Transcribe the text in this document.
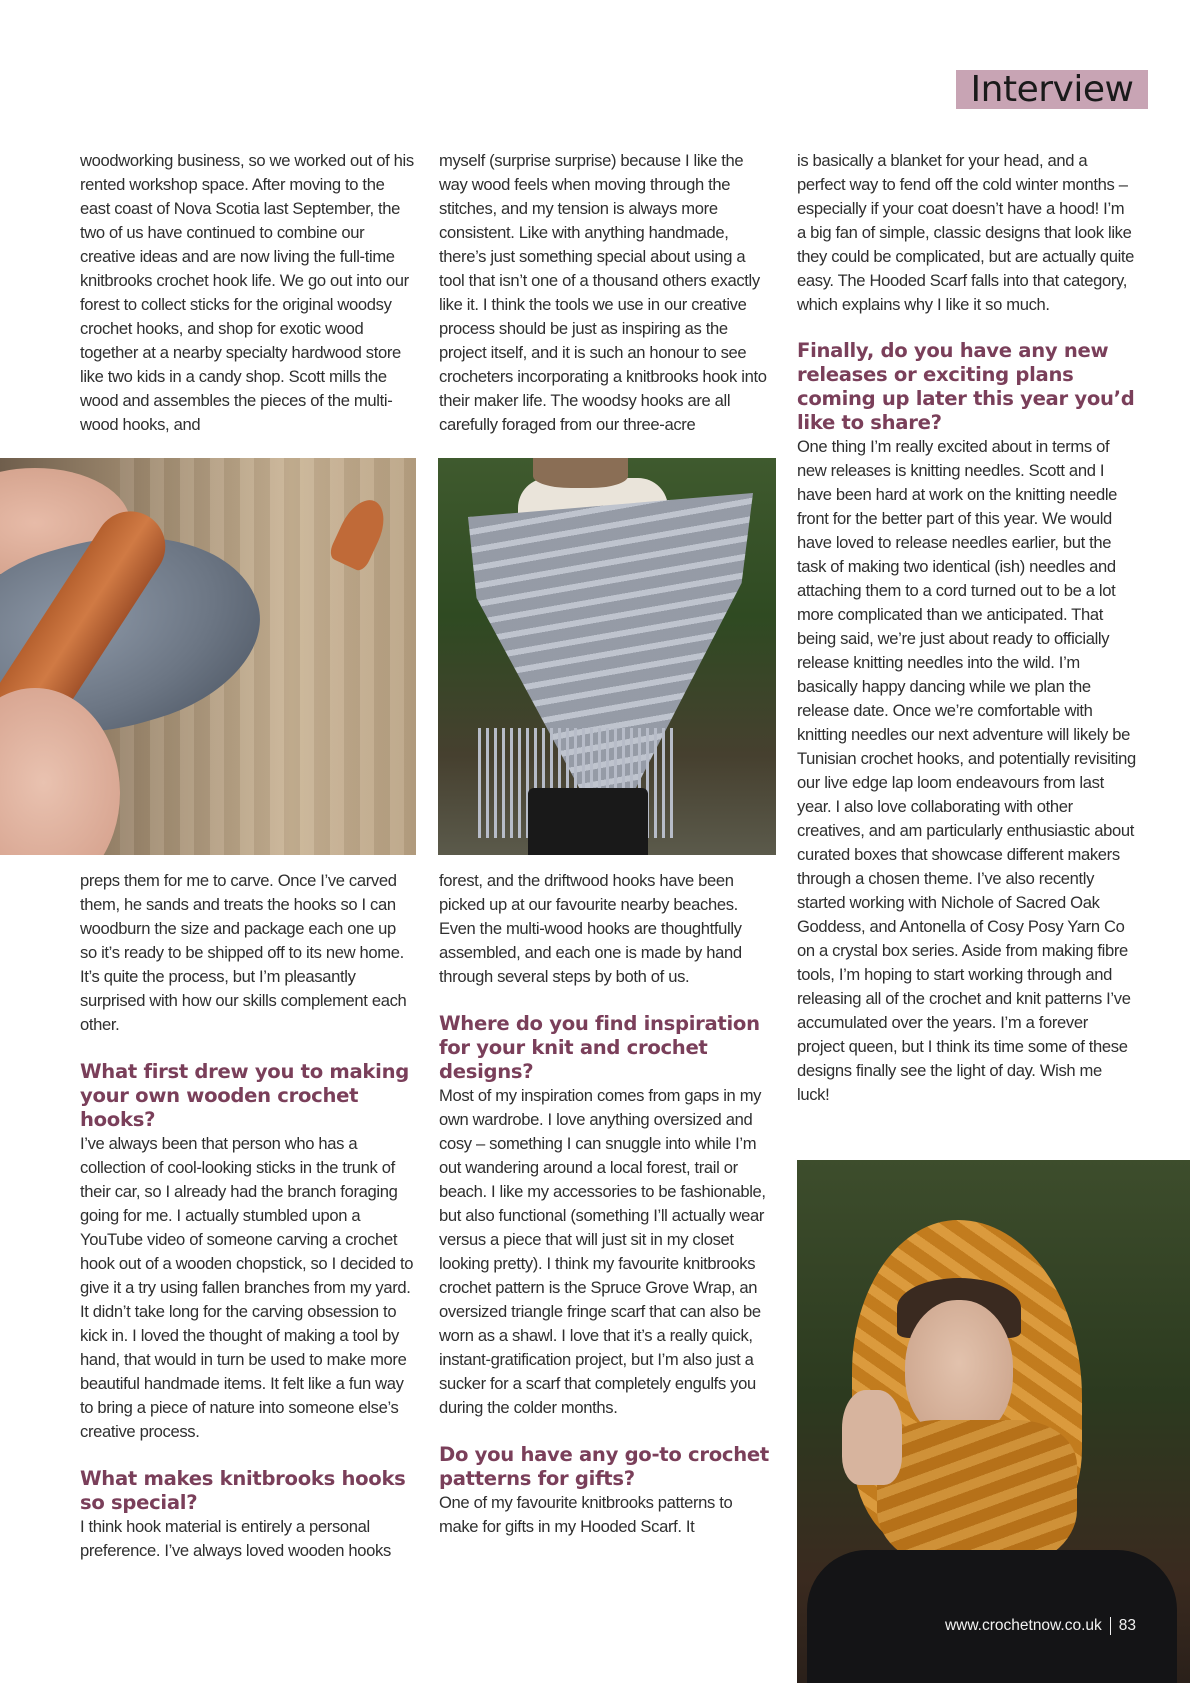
Interview

woodworking business, so we worked out of his rented workshop space. After moving to the east coast of Nova Scotia last September, the two of us have continued to combine our creative ideas and are now living the full-time knitbrooks crochet hook life. We go out into our forest to collect sticks for the original woodsy crochet hooks, and shop for exotic wood together at a nearby specialty hardwood store like two kids in a candy shop. Scott mills the wood and assembles the pieces of the multi-wood hooks, and

preps them for me to carve. Once I’ve carved them, he sands and treats the hooks so I can woodburn the size and package each one up so it’s ready to be shipped off to its new home. It’s quite the process, but I’m pleasantly surprised with how our skills complement each other.

What first drew you to making your own wooden crochet hooks?

I’ve always been that person who has a collection of cool-looking sticks in the trunk of their car, so I already had the branch foraging going for me. I actually stumbled upon a YouTube video of someone carving a crochet hook out of a wooden chopstick, so I decided to give it a try using fallen branches from my yard. It didn’t take long for the carving obsession to kick in. I loved the thought of making a tool by hand, that would in turn be used to make more beautiful handmade items. It felt like a fun way to bring a piece of nature into someone else’s creative process.

What makes knitbrooks hooks so special?

I think hook material is entirely a personal preference. I’ve always loved wooden hooks

myself (surprise surprise) because I like the way wood feels when moving through the stitches, and my tension is always more consistent. Like with anything handmade, there’s just something special about using a tool that isn’t one of a thousand others exactly like it. I think the tools we use in our creative process should be just as inspiring as the project itself, and it is such an honour to see crocheters incorporating a knitbrooks hook into their maker life. The woodsy hooks are all carefully foraged from our three-acre

forest, and the driftwood hooks have been picked up at our favourite nearby beaches. Even the multi-wood hooks are thoughtfully assembled, and each one is made by hand through several steps by both of us.

Where do you find inspiration for your knit and crochet designs?

Most of my inspiration comes from gaps in my own wardrobe. I love anything oversized and cosy – something I can snuggle into while I’m out wandering around a local forest, trail or beach. I like my accessories to be fashionable, but also functional (something I’ll actually wear versus a piece that will just sit in my closet looking pretty). I think my favourite knitbrooks crochet pattern is the Spruce Grove Wrap, an oversized triangle fringe scarf that can also be worn as a shawl. I love that it’s a really quick, instant-gratification project, but I’m also just a sucker for a scarf that completely engulfs you during the colder months.

Do you have any go-to crochet patterns for gifts?

One of my favourite knitbrooks patterns to make for gifts in my Hooded Scarf. It

is basically a blanket for your head, and a perfect way to fend off the cold winter months – especially if your coat doesn’t have a hood! I’m a big fan of simple, classic designs that look like they could be complicated, but are actually quite easy. The Hooded Scarf falls into that category, which explains why I like it so much.

Finally, do you have any new releases or exciting plans coming up later this year you’d like to share?

One thing I’m really excited about in terms of new releases is knitting needles. Scott and I have been hard at work on the knitting needle front for the better part of this year. We would have loved to release needles earlier, but the task of making two identical (ish) needles and attaching them to a cord turned out to be a lot more complicated than we anticipated. That being said, we’re just about ready to officially release knitting needles into the wild. I’m basically happy dancing while we plan the release date. Once we’re comfortable with knitting needles our next adventure will likely be Tunisian crochet hooks, and potentially revisiting our live edge lap loom endeavours from last year. I also love collaborating with other creatives, and am particularly enthusiastic about curated boxes that showcase different makers through a chosen theme. I’ve also recently started working with Nichole of Sacred Oak Goddess, and Antonella of Cosy Posy Yarn Co on a crystal box series. Aside from making fibre tools, I’m hoping to start working through and releasing all of the crochet and knit patterns I’ve accumulated over the years. I’m a forever project queen, but I think its time some of these designs finally see the light of day. Wish me luck!

www.crochetnow.co.uk 83
